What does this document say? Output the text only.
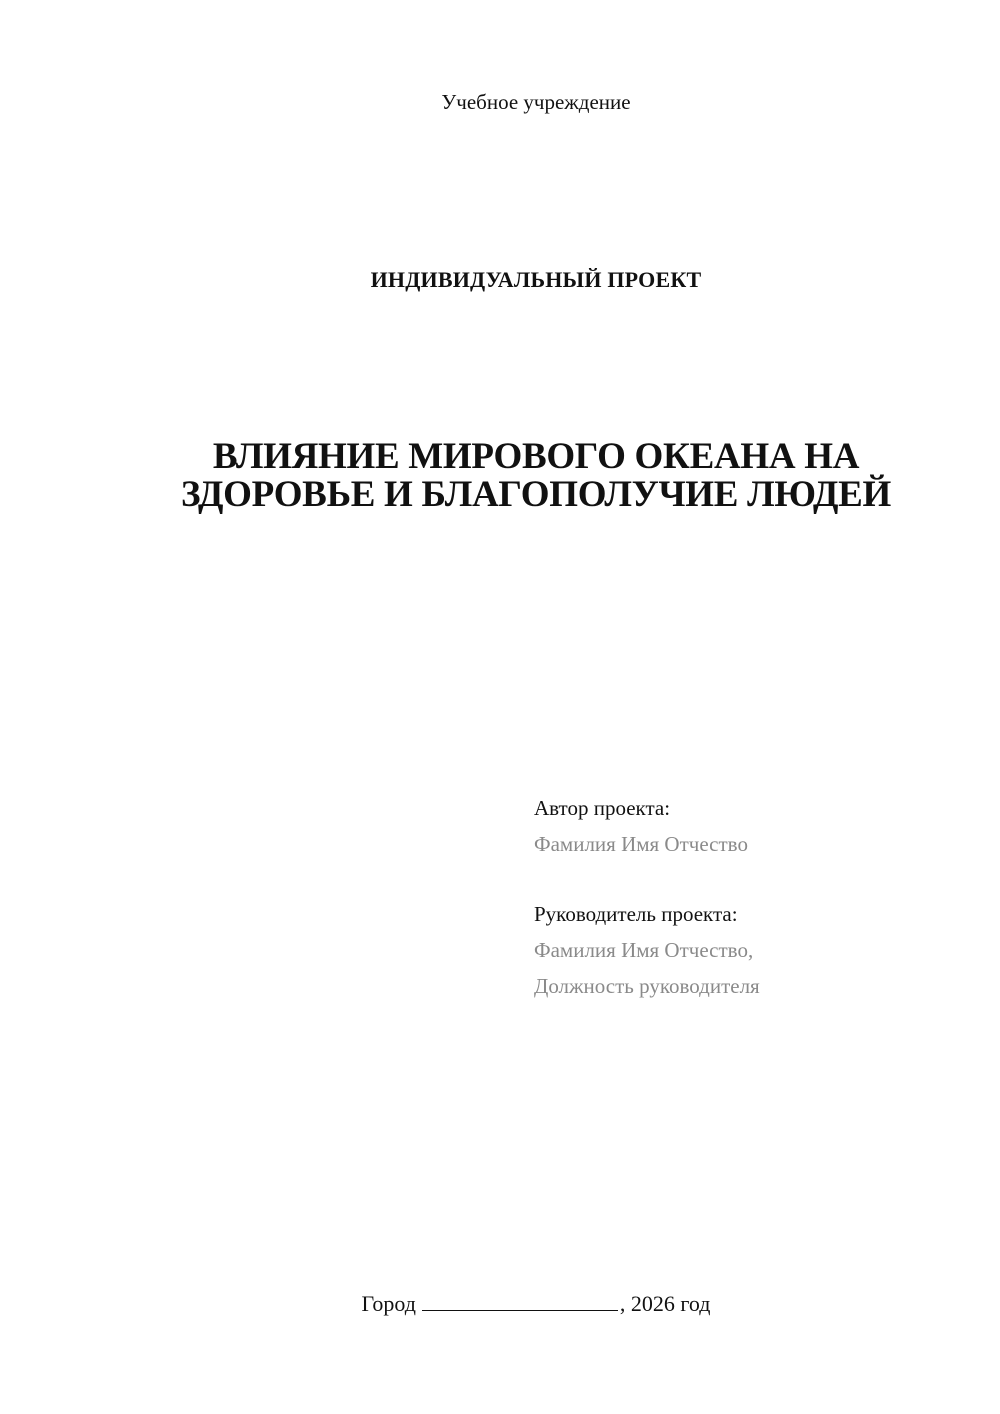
Учебное учреждение
ИНДИВИДУАЛЬНЫЙ ПРОЕКТ
ВЛИЯНИЕ МИРОВОГО ОКЕАНА НА
ЗДОРОВЬЕ И БЛАГОПОЛУЧИЕ ЛЮДЕЙ
Автор проекта:
Фамилия Имя Отчество
Руководитель проекта:
Фамилия Имя Отчество,
Должность руководителя
Город	, 2026 год
